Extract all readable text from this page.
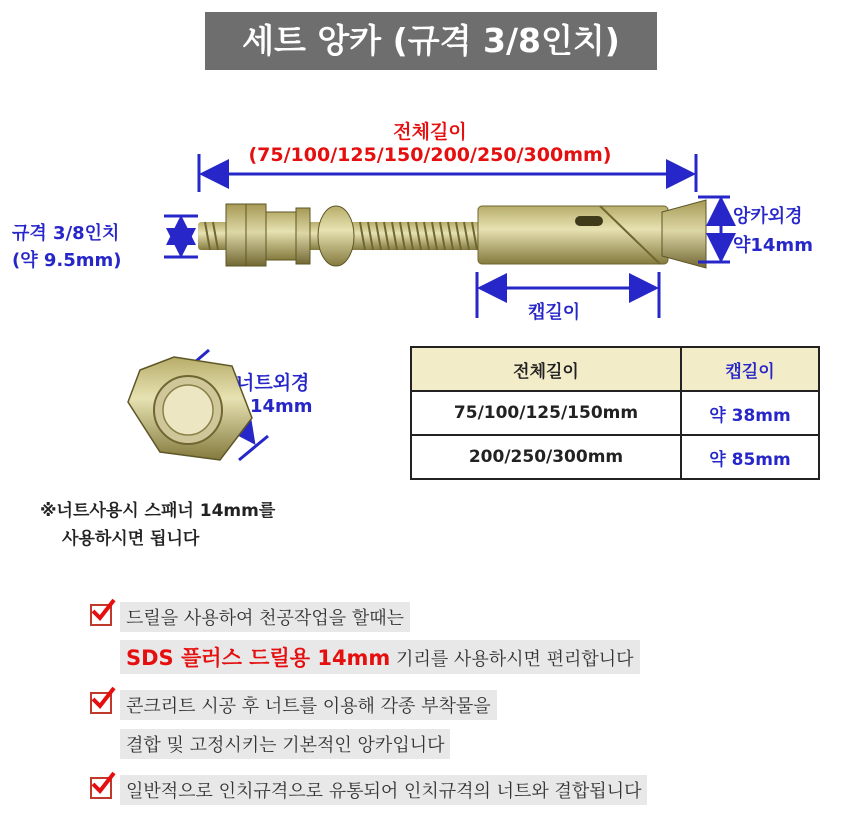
세트 앙카 (규격 3/8인치)
전체길이
(75/100/125/150/200/250/300mm)
규격 3/8인치
(약 9.5mm)
앙카외경
약14mm
캡길이
너트외경
14mm
※너트사용시 스패너 14mm를
사용하시면 됩니다
전체길이	캡길이
75/100/125/150mm	약 38mm
200/250/300mm	약 85mm
드릴을 사용하여 천공작업을 할때는
SDS 플러스 드릴용 14mm 기리를 사용하시면 편리합니다
콘크리트 시공 후 너트를 이용해 각종 부착물을
결합 및 고정시키는 기본적인 앙카입니다
일반적으로 인치규격으로 유통되어 인치규격의 너트와 결합됩니다
